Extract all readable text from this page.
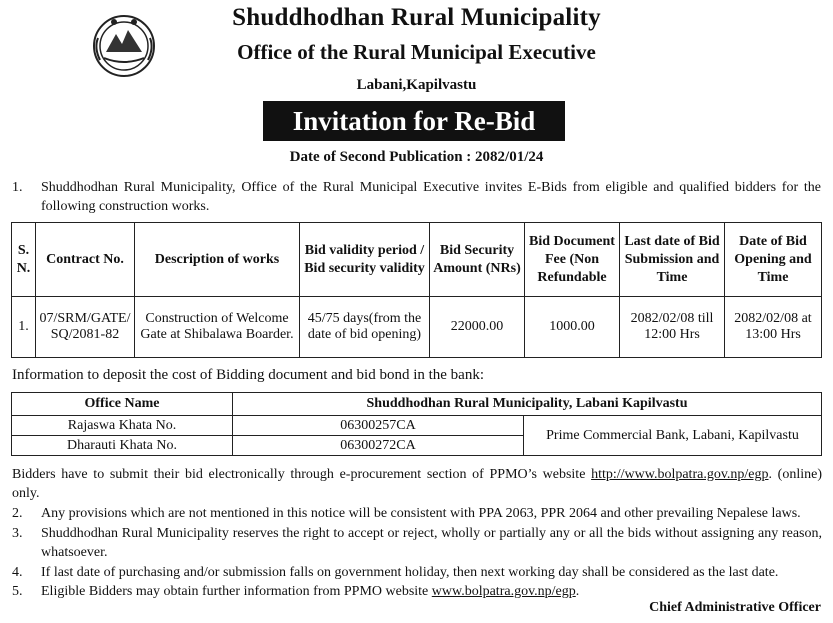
Shuddhodhan Rural Municipality
Office of the Rural Municipal Executive
Labani,Kapilvastu
Invitation for Re-Bid
Date of Second Publication : 2082/01/24
1. Shuddhodhan Rural Municipality, Office of the Rural Municipal Executive invites E-Bids from eligible and qualified bidders for the following construction works.
S. N.	Contract No.	Description of works	Bid validity period / Bid security validity	Bid Security Amount (NRs)	Bid Document Fee (Non Refundable	Last date of Bid Submission and Time	Date of Bid Opening and Time
1.	07/SRM/GATE/ SQ/2081-82	Construction of Welcome Gate at Shibalawa Boarder.	45/75 days(from the date of bid opening)	22000.00	1000.00	2082/02/08 till 12:00 Hrs	2082/02/08 at 13:00 Hrs
Information to deposit the cost of Bidding document and bid bond in the bank:
Office Name	Shuddhodhan Rural Municipality, Labani Kapilvastu	
Rajaswa Khata No.	06300257CA	Prime Commercial Bank, Labani, Kapilvastu
Dharauti Khata No.	06300272CA	
Bidders have to submit their bid electronically through e-procurement section of PPMO’s website http://www.bolpatra.gov.np/egp. (online) only.
2. Any provisions which are not mentioned in this notice will be consistent with PPA 2063, PPR 2064 and other prevailing Nepalese laws.
3. Shuddhodhan Rural Municipality reserves the right to accept or reject, wholly or partially any or all the bids without assigning any reason, whatsoever.
4. If last date of purchasing and/or submission falls on government holiday, then next working day shall be considered as the last date.
5. Eligible Bidders may obtain further information from PPMO website www.bolpatra.gov.np/egp.
Chief Administrative Officer
